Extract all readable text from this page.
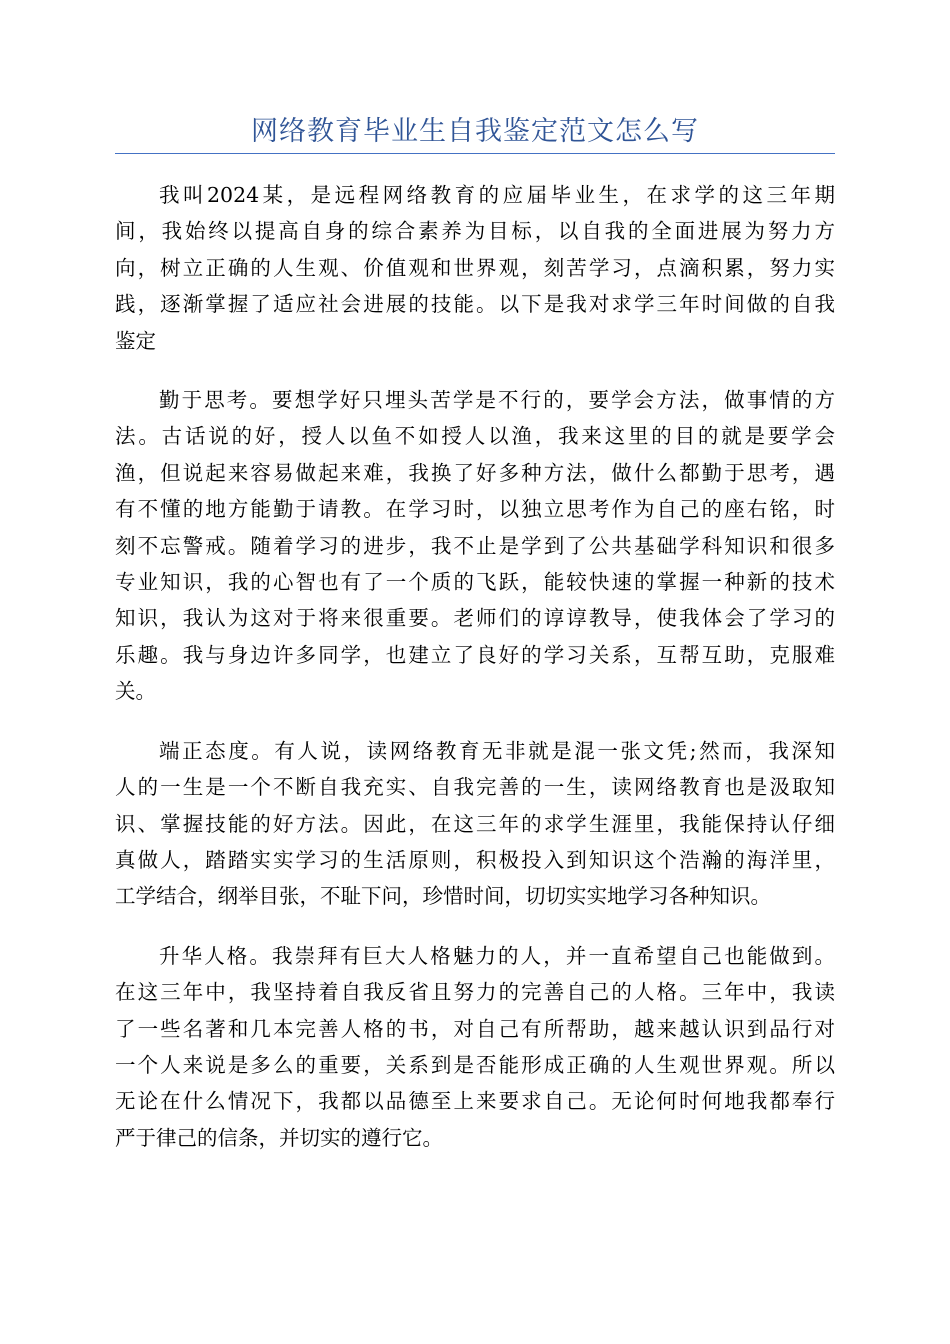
网络教育毕业生自我鉴定范文怎么写

我叫2024某，是远程网络教育的应届毕业生，在求学的这三年期
间，我始终以提高自身的综合素养为目标，以自我的全面进展为努力方
向，树立正确的人生观、价值观和世界观，刻苦学习，点滴积累，努力实
践，逐渐掌握了适应社会进展的技能。以下是我对求学三年时间做的自我
鉴定

勤于思考。要想学好只埋头苦学是不行的，要学会方法，做事情的方
法。古话说的好，授人以鱼不如授人以渔，我来这里的目的就是要学会
渔，但说起来容易做起来难，我换了好多种方法，做什么都勤于思考，遇
有不懂的地方能勤于请教。在学习时，以独立思考作为自己的座右铭，时
刻不忘警戒。随着学习的进步，我不止是学到了公共基础学科知识和很多
专业知识，我的心智也有了一个质的飞跃，能较快速的掌握一种新的技术
知识，我认为这对于将来很重要。老师们的谆谆教导，使我体会了学习的
乐趣。我与身边许多同学，也建立了良好的学习关系，互帮互助，克服难
关。

端正态度。有人说，读网络教育无非就是混一张文凭;然而，我深知
人的一生是一个不断自我充实、自我完善的一生，读网络教育也是汲取知
识、掌握技能的好方法。因此，在这三年的求学生涯里，我能保持认仔细
真做人，踏踏实实学习的生活原则，积极投入到知识这个浩瀚的海洋里，
工学结合，纲举目张，不耻下问，珍惜时间，切切实实地学习各种知识。

升华人格。我崇拜有巨大人格魅力的人，并一直希望自己也能做到。
在这三年中，我坚持着自我反省且努力的完善自己的人格。三年中，我读
了一些名著和几本完善人格的书，对自己有所帮助，越来越认识到品行对
一个人来说是多么的重要，关系到是否能形成正确的人生观世界观。所以
无论在什么情况下，我都以品德至上来要求自己。无论何时何地我都奉行
严于律己的信条，并切实的遵行它。
